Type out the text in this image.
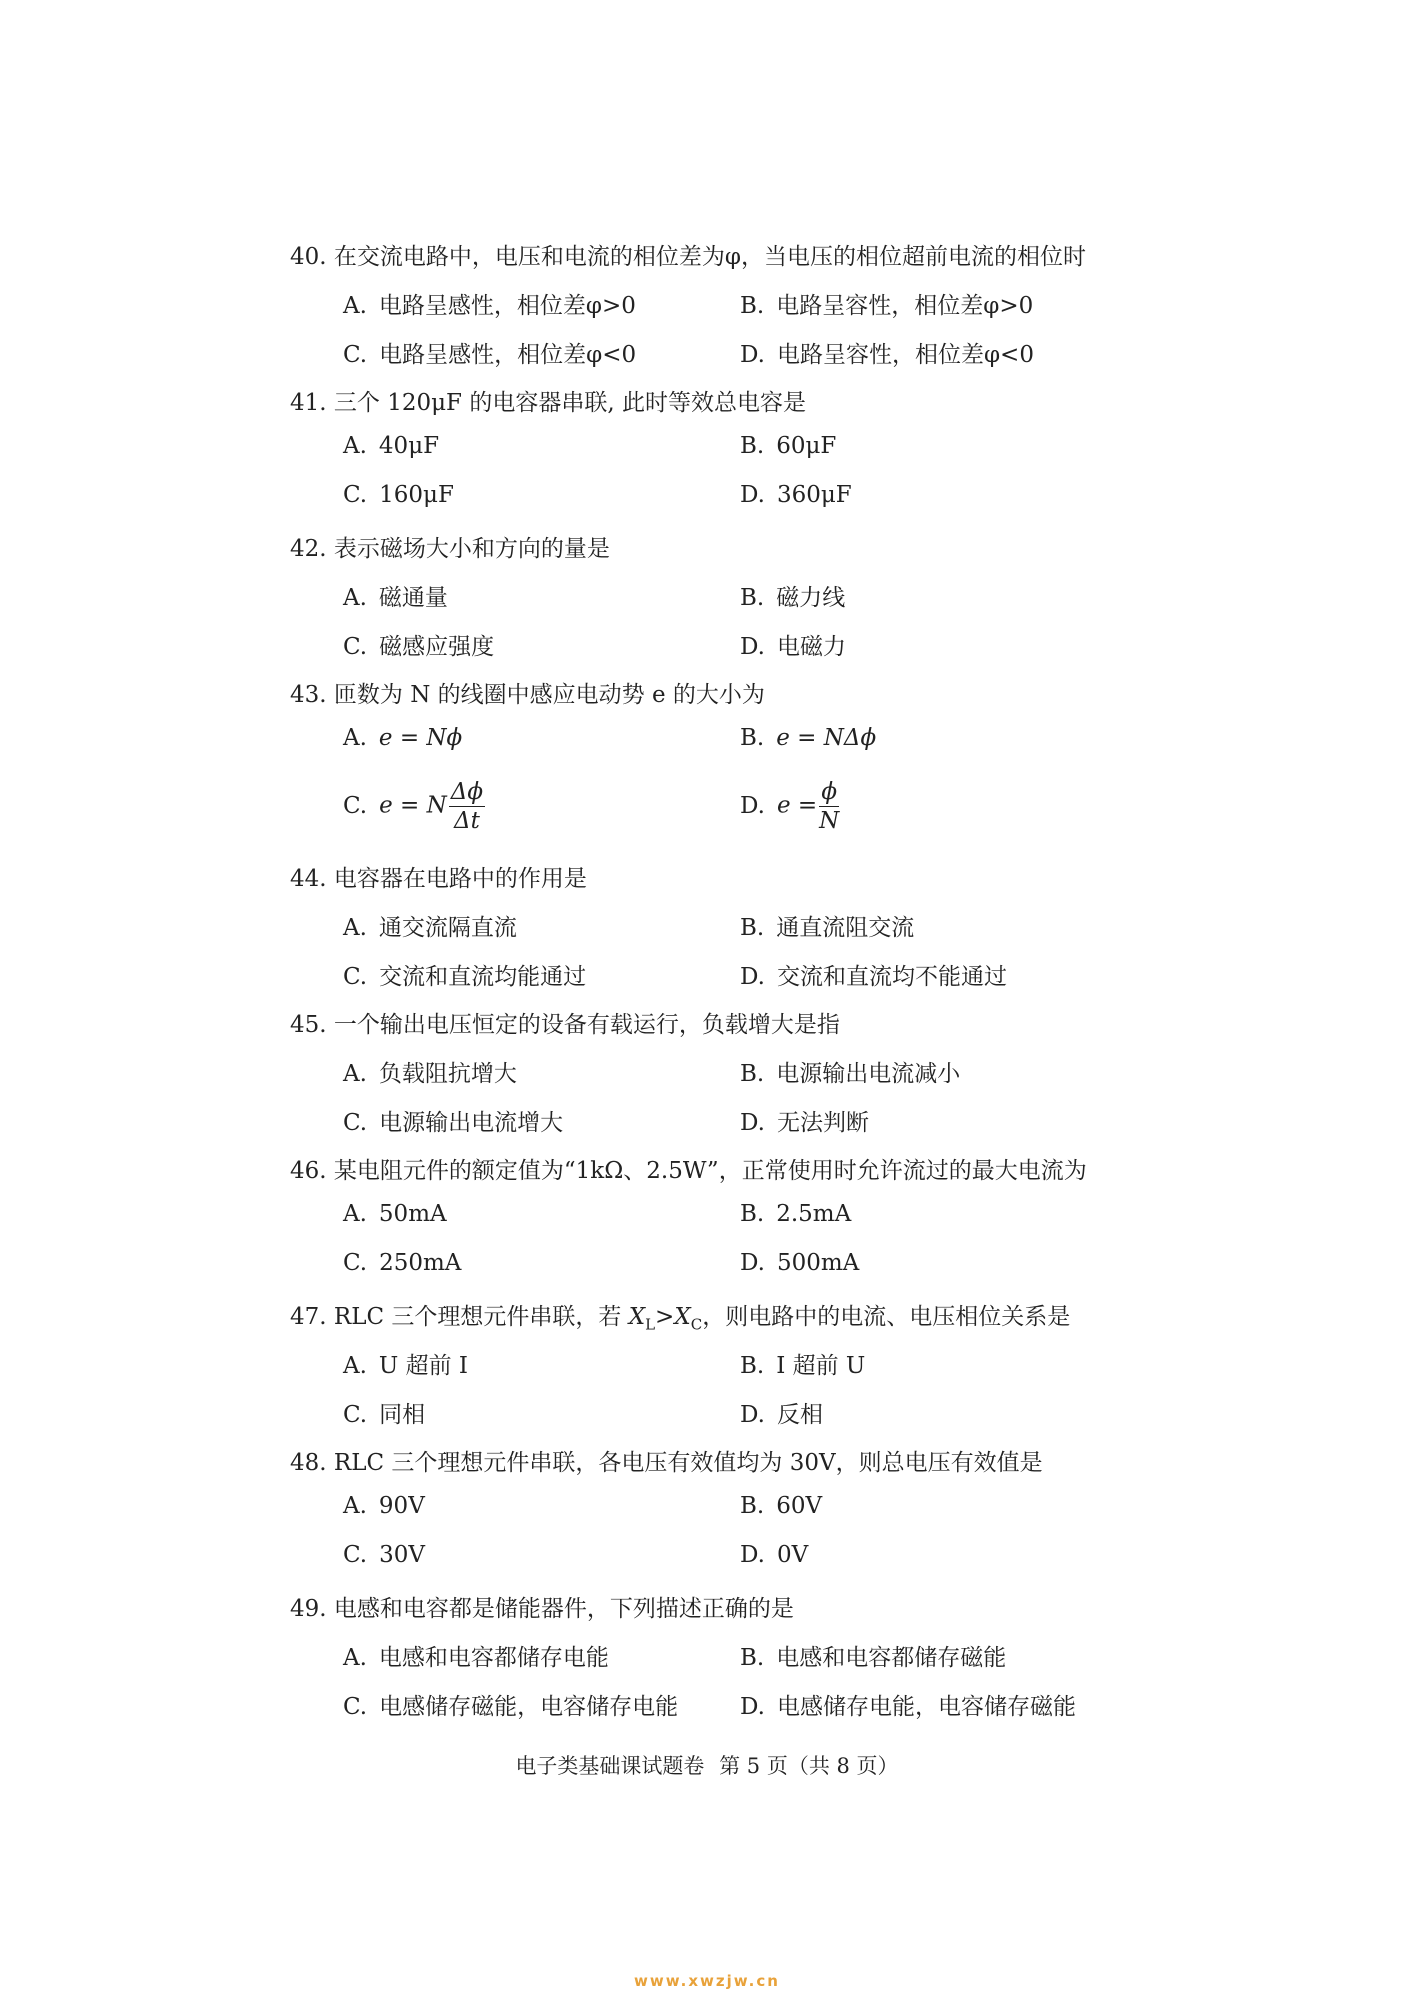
40. 在交流电路中，电压和电流的相位差为φ，当电压的相位超前电流的相位时
A. 电路呈感性，相位差φ>0	B. 电路呈容性，相位差φ>0
C. 电路呈感性，相位差φ<0	D. 电路呈容性，相位差φ<0
41. 三个 120μF 的电容器串联, 此时等效总电容是
A. 40μF	B. 60μF
C. 160μF	D. 360μF
42. 表示磁场大小和方向的量是
A. 磁通量	B. 磁力线
C. 磁感应强度	D. 电磁力
43. 匝数为 N 的线圈中感应电动势 e 的大小为
A. e = Nϕ	B. e = NΔϕ
C. e = N $\frac{\Delta\phi}{\Delta t}$	D. $e = \frac{\phi}{N}$
44. 电容器在电路中的作用是
A. 通交流隔直流	B. 通直流阻交流
C. 交流和直流均能通过	D. 交流和直流均不能通过
45. 一个输出电压恒定的设备有载运行，负载增大是指
A. 负载阻抗增大	B. 电源输出电流减小
C. 电源输出电流增大	D. 无法判断
46. 某电阻元件的额定值为“1kΩ、2.5W”，正常使用时允许流过的最大电流为
A. 50mA	B. 2.5mA
C. 250mA	D. 500mA
47. RLC 三个理想元件串联，若 $X_L>X_C$，则电路中的电流、电压相位关系是
A. U 超前 I	B. I 超前 U
C. 同相	D. 反相
48. RLC 三个理想元件串联，各电压有效值均为 30V，则总电压有效值是
A. 90V	B. 60V
C. 30V	D. 0V
49. 电感和电容都是储能器件，下列描述正确的是
A. 电感和电容都储存电能	B. 电感和电容都储存磁能
C. 电感储存磁能，电容储存电能	D. 电感储存电能，电容储存磁能
电子类基础课试题卷 第 5 页（共 8 页）
www.xwzjw.cn
